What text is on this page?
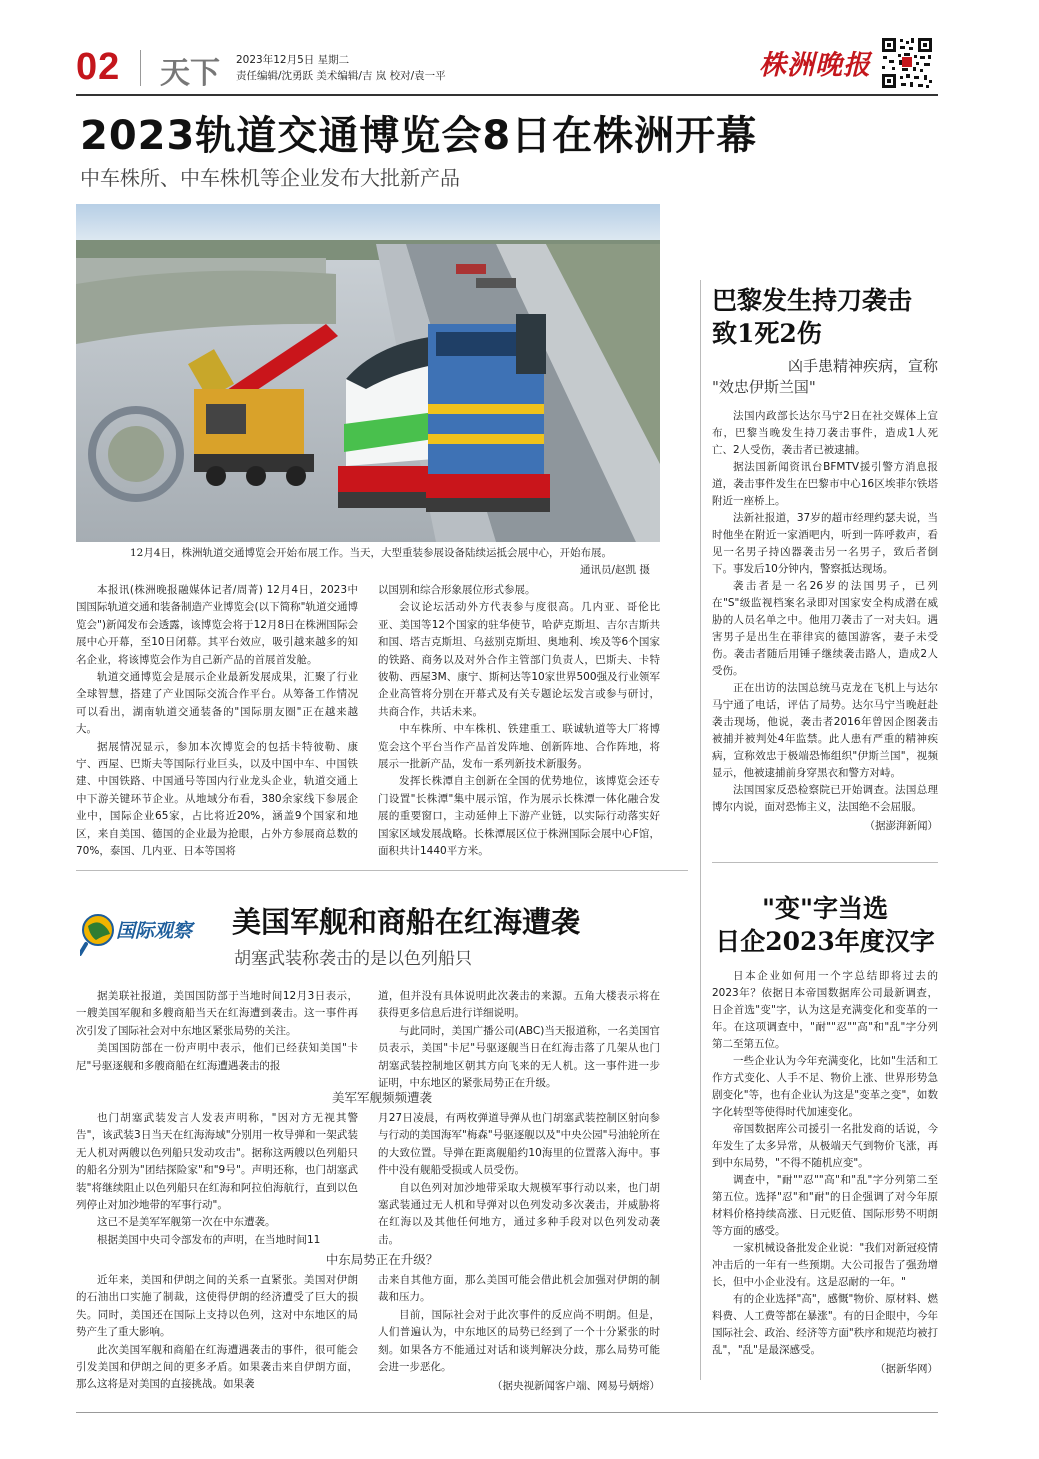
02 天下 2023年12月5日 星期二
责任编辑/沈勇跃 美术编辑/吉 岚 校对/袁一平	株洲晚报
2023轨道交通博览会8日在株洲开幕
中车株所、中车株机等企业发布大批新产品
12月4日，株洲轨道交通博览会开始布展工作。当天，大型重装参展设备陆续运抵会展中心，开始布展。
通讯员/赵凯 摄

本报讯(株洲晚报融媒体记者/周菁) 12月4日，2023中国国际轨道交通和装备制造产业博览会(以下简称"轨道交通博览会")新闻发布会透露，该博览会将于12月8日在株洲国际会展中心开幕，至10日闭幕。其平台效应，吸引越来越多的知名企业，将该博览会作为自己新产品的首展首发舱。

轨道交通博览会是展示企业最新发展成果，汇聚了行业全球智慧，搭建了产业国际交流合作平台。从筹备工作情况可以看出，湖南轨道交通装备的"国际朋友圈"正在越来越大。

据展情况显示，参加本次博览会的包括卡特彼勒、康宁、西屋、巴斯夫等国际行业巨头，以及中国中车、中国铁建、中国铁路、中国通号等国内行业龙头企业，轨道交通上中下游关键环节企业。从地域分布看，380余家线下参展企业中，国际企业65家，占比将近20%，涵盖9个国家和地区，来自美国、德国的企业最为抢眼，占外方参展商总数的70%，泰国、几内亚、日本等国将

以国别和综合形象展位形式参展。

会议论坛活动外方代表参与度很高。几内亚、哥伦比亚、美国等12个国家的驻华使节，哈萨克斯坦、吉尔吉斯共和国、塔吉克斯坦、乌兹别克斯坦、奥地利、埃及等6个国家的铁路、商务以及对外合作主管部门负责人，巴斯夫、卡特彼勒、西屋3M、康宁、斯柯达等10家世界500强及行业领军企业高管将分别在开幕式及有关专题论坛发言或参与研讨，共商合作，共话未来。

中车株所、中车株机、铁建重工、联诚轨道等大厂将博览会这个平台当作产品首发阵地、创新阵地、合作阵地，将展示一批新产品，发布一系列新技术新服务。

发挥长株潭自主创新在全国的优势地位，该博览会还专门设置"长株潭"集中展示馆，作为展示长株潭一体化融合发展的重要窗口，主动延伸上下游产业链，以实际行动落实好国家区域发展战略。长株潭展区位于株洲国际会展中心F馆，面积共计1440平方米。

巴黎发生持刀袭击
致1死2伤
凶手患精神疾病，宣称
"效忠伊斯兰国"

法国内政部长达尔马宁2日在社交媒体上宣布，巴黎当晚发生持刀袭击事件，造成1人死亡、2人受伤，袭击者已被逮捕。

据法国新闻资讯台BFMTV援引警方消息报道，袭击事件发生在巴黎市中心16区埃菲尔铁塔附近一座桥上。

法新社报道，37岁的超市经理约瑟夫说，当时他坐在附近一家酒吧内，听到一阵呼救声，看见一名男子持凶器袭击另一名男子，致后者倒下。事发后10分钟内，警察抵达现场。

袭击者是一名26岁的法国男子，已列在"S"级监视档案名录即对国家安全构成潜在威胁的人员名单之中。他用刀袭击了一对夫妇。遇害男子是出生在菲律宾的德国游客，妻子未受伤。袭击者随后用锤子继续袭击路人，造成2人受伤。

正在出访的法国总统马克龙在飞机上与达尔马宁通了电话，评估了局势。达尔马宁当晚赶赴袭击现场，他说，袭击者2016年曾因企图袭击被捕并被判处4年监禁。此人患有严重的精神疾病，宣称效忠于极端恐怖组织"伊斯兰国"，视频显示，他被逮捕前身穿黑衣和警方对峙。

法国国家反恐检察院已开始调查。法国总理博尔内说，面对恐怖主义，法国绝不会屈服。

（据澎湃新闻）
"变"字当选
日企2023年度汉字

日本企业如何用一个字总结即将过去的2023年？依据日本帝国数据库公司最新调查，日企首选"变"字，认为这是充满变化和变革的一年。在这项调查中，"耐""忍""高"和"乱"字分列第二至第五位。

一些企业认为今年充满变化，比如"生活和工作方式变化、人手不足、物价上涨、世界形势急剧变化"等，也有企业认为这是"变革之变"，如数字化转型等使得时代加速变化。

帝国数据库公司援引一名批发商的话说，今年发生了太多异常，从极端天气到物价飞涨，再到中东局势，"不得不随机应变"。

调查中，"耐""忍""高"和"乱"字分列第二至第五位。选择"忍"和"耐"的日企强调了对今年原材料价格持续高涨、日元贬值、国际形势不明朗等方面的感受。

一家机械设备批发企业说："我们对新冠疫情冲击后的一年有一些预期。大公司报告了强劲增长，但中小企业没有。这是忍耐的一年。"

有的企业选择"高"，感慨"物价、原材料、燃料费、人工费等都在暴涨"。有的日企眼中，今年国际社会、政治、经济等方面"秩序和规范均被打乱"，"乱"是最深感受。

（据新华网）
国际观察 美国军舰和商船在红海遭袭
胡塞武装称袭击的是以色列船只

据美联社报道，美国国防部于当地时间12月3日表示，一艘美国军舰和多艘商船当天在红海遭到袭击。这一事件再次引发了国际社会对中东地区紧张局势的关注。

美国国防部在一份声明中表示，他们已经获知美国"卡尼"号驱逐舰和多艘商船在红海遭遇袭击的报

道，但并没有具体说明此次袭击的来源。五角大楼表示将在获得更多信息后进行详细说明。

与此同时，美国广播公司(ABC)当天报道称，一名美国官员表示，美国"卡尼"号驱逐舰当日在红海击落了几架从也门胡塞武装控制地区朝其方向飞来的无人机。这一事件进一步证明，中东地区的紧张局势正在升级。

美军军舰频频遭袭

也门胡塞武装发言人发表声明称，"因对方无视其警告"，该武装3日当天在红海海域"分别用一枚导弹和一架武装无人机对两艘以色列船只发动攻击"。据称这两艘以色列船只的船名分别为"团结探险家"和"9号"。声明还称，也门胡塞武装"将继续阻止以色列船只在红海和阿拉伯海航行，直到以色列停止对加沙地带的军事行动"。

这已不是美军军舰第一次在中东遭袭。

根据美国中央司令部发布的声明，在当地时间11

月27日凌晨，有两枚弹道导弹从也门胡塞武装控制区射向参与行动的美国海军"梅森"号驱逐舰以及"中央公园"号油轮所在的大致位置。导弹在距离舰船约10海里的位置落入海中。事件中没有舰船受损或人员受伤。

自以色列对加沙地带采取大规模军事行动以来，也门胡塞武装通过无人机和导弹对以色列发动多次袭击，并威胁将在红海以及其他任何地方，通过多种手段对以色列发动袭击。

中东局势正在升级？

近年来，美国和伊朗之间的关系一直紧张。美国对伊朗的石油出口实施了制裁，这使得伊朗的经济遭受了巨大的损失。同时，美国还在国际上支持以色列，这对中东地区的局势产生了重大影响。

此次美国军舰和商船在红海遭遇袭击的事件，很可能会引发美国和伊朗之间的更多矛盾。如果袭击来自伊朗方面，那么这将是对美国的直接挑战。如果袭

击来自其他方面，那么美国可能会借此机会加强对伊朗的制裁和压力。

目前，国际社会对于此次事件的反应尚不明朗。但是，人们普遍认为，中东地区的局势已经到了一个十分紧张的时刻。如果各方不能通过对话和谈判解决分歧，那么局势可能会进一步恶化。

（据央视新闻客户端、网易号炳熔）
